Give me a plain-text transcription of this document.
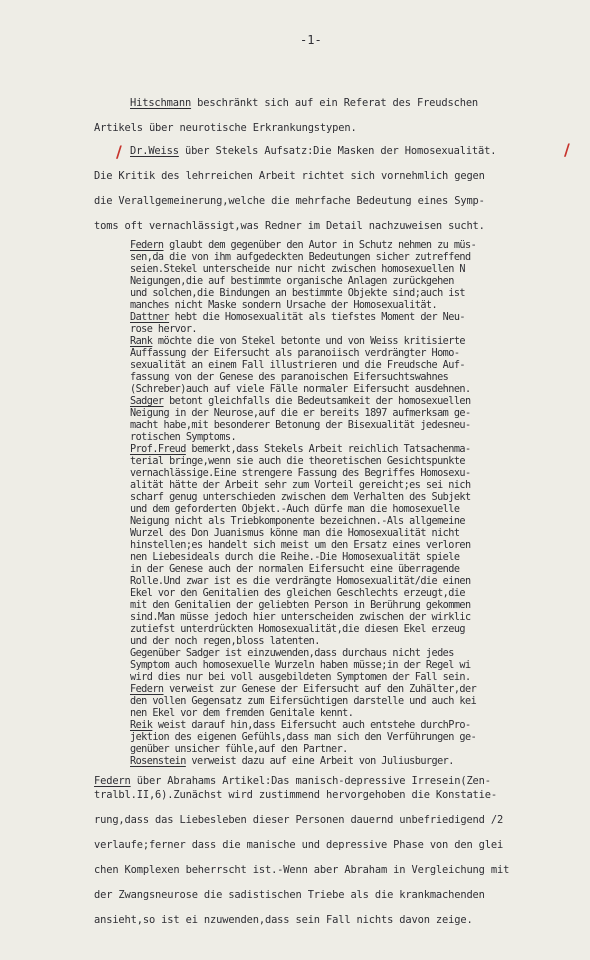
-1-
/	/
Hitschmann beschränkt sich auf ein Referat des Freudschen
Artikels über neurotische Erkrankungstypen.
Dr.Weiss über Stekels Aufsatz:Die Masken der Homosexualität.
Die Kritik des lehrreichen Arbeit richtet sich vornehmlich gegen
die Verallgemeinerung,welche die mehrfache Bedeutung eines Symp-
toms oft vernachlässigt,was Redner im Detail nachzuweisen sucht.
Federn glaubt dem gegenüber den Autor in Schutz nehmen zu müs-
sen,da die von ihm aufgedeckten Bedeutungen sicher zutreffend
seien.Stekel unterscheide nur nicht zwischen homosexuellen N
Neigungen,die auf bestimmte organische Anlagen zurückgehen
und solchen,die Bindungen an bestimmte Objekte sind;auch ist
manches nicht Maske sondern Ursache der Homosexualität.
Dattner hebt die Homosexualität als tiefstes Moment der Neu-
rose hervor.
Rank möchte die von Stekel betonte und von Weiss kritisierte
Auffassung der Eifersucht als paranoiisch verdrängter Homo-
sexualität an einem Fall illustrieren und die Freudsche Auf-
fassung von der Genese des paranoischen Eifersuchtswahnes
(Schreber)auch auf viele Fälle normaler Eifersucht ausdehnen.
Sadger betont gleichfalls die Bedeutsamkeit der homosexuellen
Neigung in der Neurose,auf die er bereits 1897 aufmerksam ge-
macht habe,mit besonderer Betonung der Bisexualität jedesneu-
rotischen Symptoms.
Prof.Freud bemerkt,dass Stekels Arbeit reichlich Tatsachenma-
terial bringe,wenn sie auch die theoretischen Gesichtspunkte
vernachlässige.Eine strengere Fassung des Begriffes Homosexu-
alität hätte der Arbeit sehr zum Vorteil gereicht;es sei nich
scharf genug unterschieden zwischen dem Verhalten des Subjekt
und dem geforderten Objekt.-Auch dürfe man die homosexuelle
Neigung nicht als Triebkomponente bezeichnen.-Als allgemeine
Wurzel des Don Juanismus könne man die Homosexualität nicht
hinstellen;es handelt sich meist um den Ersatz eines verloren
nen Liebesideals durch die Reihe.-Die Homosexualität spiele
in der Genese auch der normalen Eifersucht eine überragende
Rolle.Und zwar ist es die verdrängte Homosexualität/die einen
Ekel vor den Genitalien des gleichen Geschlechts erzeugt,die
mit den Genitalien der geliebten Person in Berührung gekommen
sind.Man müsse jedoch hier unterscheiden zwischen der wirklic
zutiefst unterdrückten Homosexualität,die diesen Ekel erzeug
und der noch regen,bloss latenten.
Gegenüber Sadger ist einzuwenden,dass durchaus nicht jedes
Symptom auch homosexuelle Wurzeln haben müsse;in der Regel wi
wird dies nur bei voll ausgebildeten Symptomen der Fall sein.
Federn verweist zur Genese der Eifersucht auf den Zuhälter,der
den vollen Gegensatz zum Eifersüchtigen darstelle und auch kei
nen Ekel vor dem fremden Genitale kennt.
Reik weist darauf hin,dass Eifersucht auch entstehe durchPro-
jektion des eigenen Gefühls,dass man sich den Verführungen ge-
genüber unsicher fühle,auf den Partner.
Rosenstein verweist dazu auf eine Arbeit von Juliusburger.
Federn über Abrahams Artikel:Das manisch-depressive Irresein(Zen-
tralbl.II,6).Zunächst wird zustimmend hervorgehoben die Konstatie-
rung,dass das Liebesleben dieser Personen dauernd unbefriedigend /2
verlaufe;ferner dass die manische und depressive Phase von den glei
chen Komplexen beherrscht ist.-Wenn aber Abraham in Vergleichung mit
der Zwangsneurose die sadistischen Triebe als die krankmachenden
ansieht,so ist ei nzuwenden,dass sein Fall nichts davon zeige.
